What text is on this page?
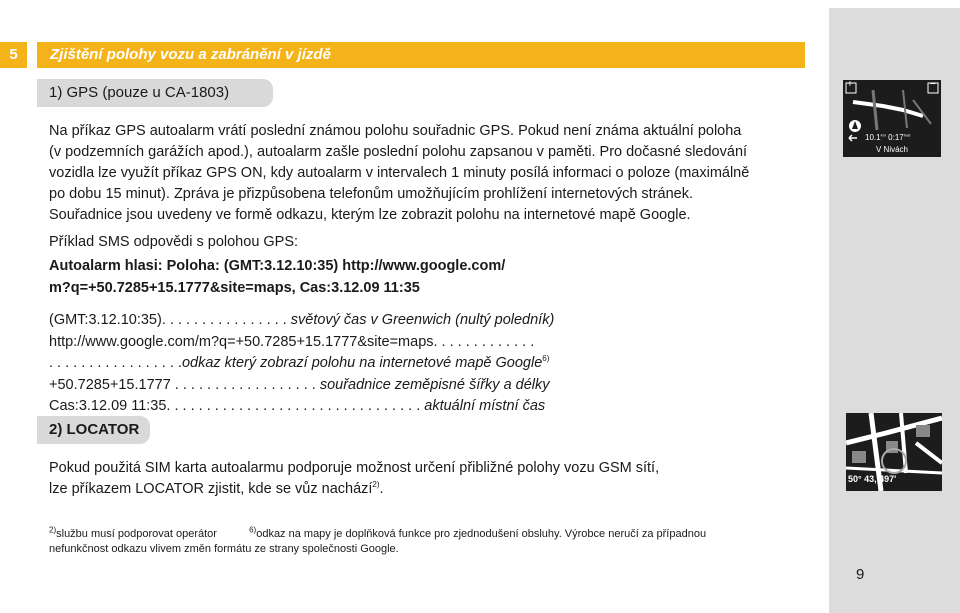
5	Zjištění polohy vozu a zabránění v jízdě
+	−
$10.1^{km}$ $0:17^{hod}$
V Nivách
50° 43, 497'
1) GPS (pouze u CA-1803)
Na příkaz GPS autoalarm vrátí poslední známou polohu souřadnic GPS. Pokud není známa aktuální poloha
(v podzemních garážích apod.), autoalarm zašle poslední polohu zapsanou v paměti. Pro dočasné sledování
vozidla lze využít příkaz GPS ON, kdy autoalarm v intervalech 1 minuty posílá informaci o poloze (maximálně
po dobu 15 minut). Zpráva je přizpůsobena telefonům umožňujícím prohlížení internetových stránek.
Souřadnice jsou uvedeny ve formě odkazu, kterým lze zobrazit polohu na internetové mapě Google.
Příklad SMS odpovědi s polohou GPS:
Autoalarm hlasi: Poloha: (GMT:3.12.10:35) http://www.google.com/
m?q=+50.7285+15.1777&site=maps, Cas:3.12.09 11:35
(GMT:3.12.10:35). . . . . . . . . . . . . . . . světový čas v Greenwich (nultý poledník)
http://www.google.com/m?q=+50.7285+15.1777&site=maps. . . . . . . . . . . . .
. . . . . . . . . . . . . . . . .odkaz který zobrazí polohu na internetové mapě Google$^{6)}$
+50.7285+15.1777 . . . . . . . . . . . . . . . . . . souřadnice zeměpisné šířky a délky
Cas:3.12.09 11:35. . . . . . . . . . . . . . . . . . . . . . . . . . . . . . . . aktuální místní čas
2) LOCATOR
Pokud použitá SIM karta autoalarmu podporuje možnost určení přibližné polohy vozu GSM sítí,
lze příkazem LOCATOR zjistit, kde se vůz nachází$^{2)}$.
$^{2)}$službu musí podporovat operátor	$^{6)}$odkaz na mapy je doplňková funkce pro zjednodušení obsluhy. Výrobce neručí za případnou
nefunkčnost odkazu vlivem změn formátu ze strany společnosti Google.
9
